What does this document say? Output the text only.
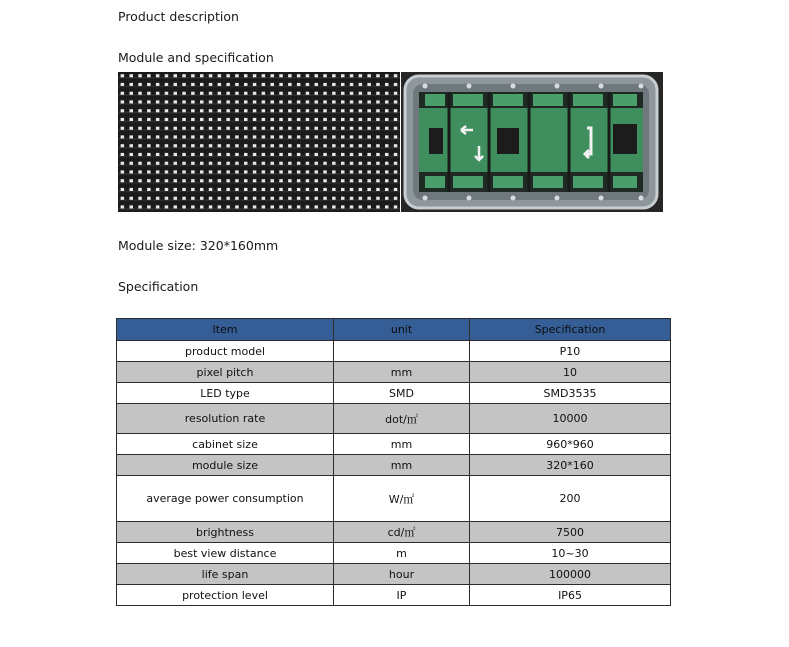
Product description
Module and specification
Module size: 320*160mm
Specification
Item	unit	Specification
product model		P10
pixel pitch	mm	10
LED type	SMD	SMD3535
resolution rate	dot/㎡	10000
cabinet size	mm	960*960
module size	mm	320*160
average power consumption	W/㎡	200
brightness	cd/㎡	7500
best view distance	m	10~30
life span	hour	100000
protection level	IP	IP65
